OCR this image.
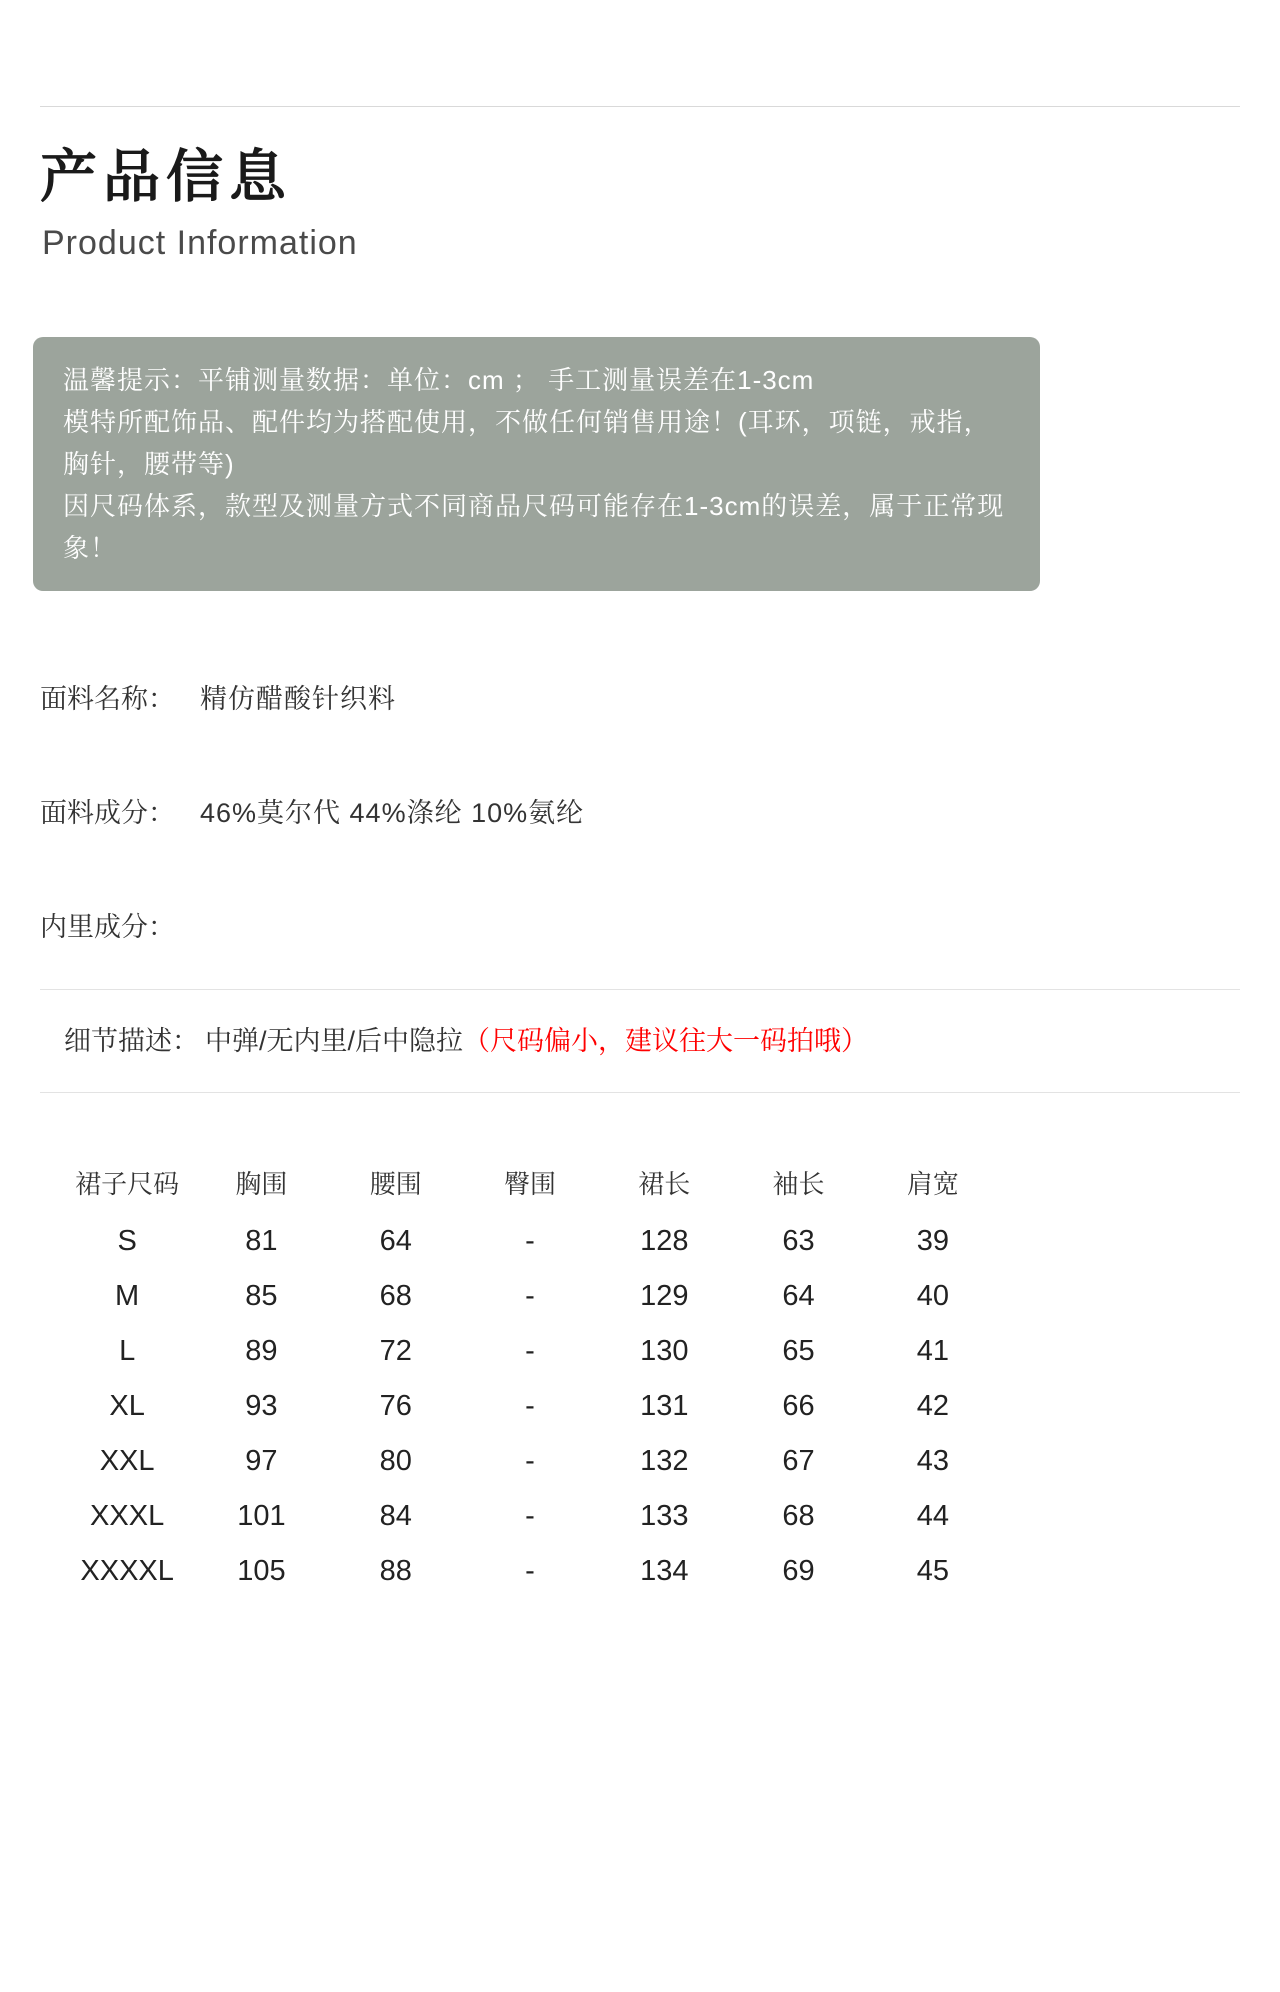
产品信息
Product Information

温馨提示：平铺测量数据：单位：cm ； 手工测量误差在1-3cm

模特所配饰品、配件均为搭配使用，不做任何销售用途！(耳环，项链，戒指，胸针，腰带等)

因尺码体系，款型及测量方式不同商品尺码可能存在1-3cm的误差，属于正常现象！

面料名称： 精仿醋酸针织料
面料成分： 46%莫尔代 44%涤纶 10%氨纶
内里成分：
细节描述： 中弹/无内里/后中隐拉（尺码偏小，建议往大一码拍哦）
裙子尺码	胸围	腰围	臀围	裙长	袖长	肩宽
S	81	64	-	128	63	39
M	85	68	-	129	64	40
L	89	72	-	130	65	41
XL	93	76	-	131	66	42
XXL	97	80	-	132	67	43
XXXL	101	84	-	133	68	44
XXXXL	105	88	-	134	69	45
